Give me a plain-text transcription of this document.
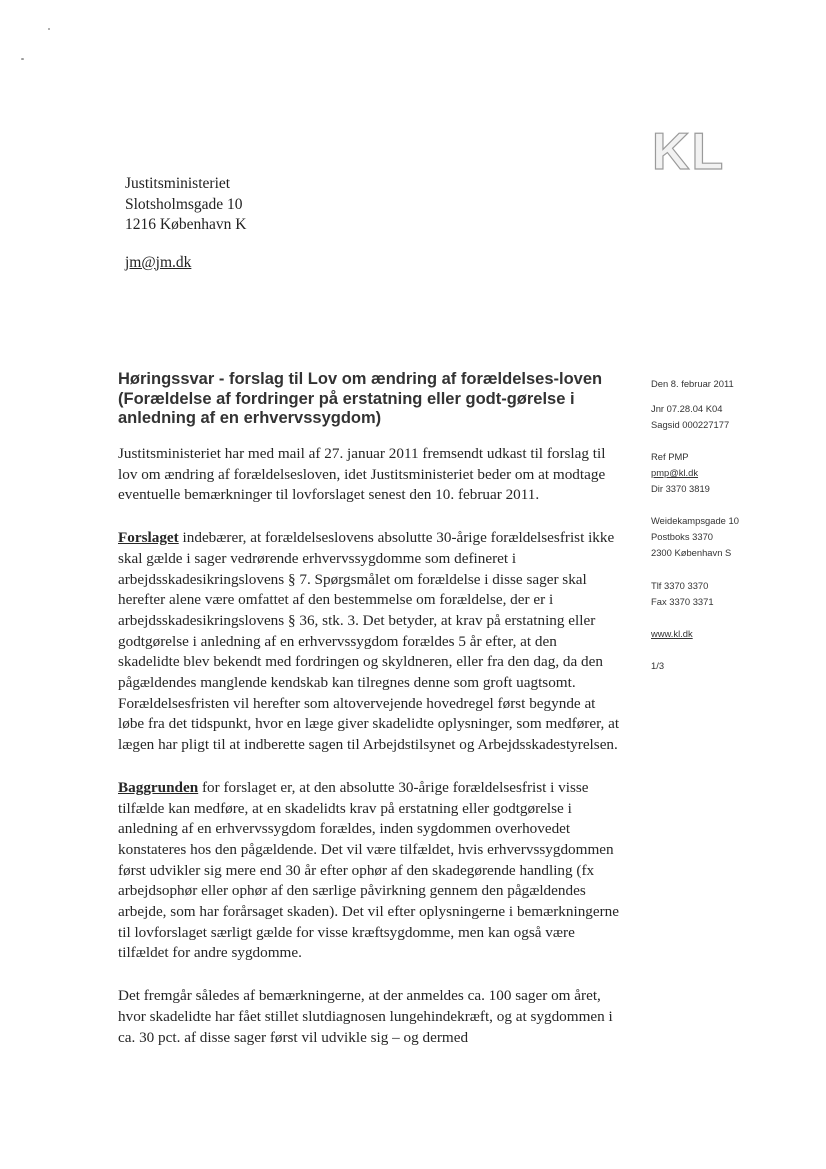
KL
Justitsministeriet
Slotsholmsgade 10
1216 København K
jm@jm.dk
Høringssvar - forslag til Lov om ændring af forældelses-loven (Forældelse af fordringer på erstatning eller godt-gørelse i anledning af en erhvervssygdom)
Den 8. februar 2011
Jnr 07.28.04 K04
Sagsid 000227177
Ref PMP
pmp@kl.dk
Dir 3370 3819
Weidekampsgade 10
Postboks 3370
2300 København S
Tlf 3370 3370
Fax 3370 3371
www.kl.dk
1/3

Justitsministeriet har med mail af 27. januar 2011 fremsendt udkast til forslag til lov om ændring af forældelsesloven, idet Justitsministeriet beder om at modtage eventuelle bemærkninger til lovforslaget senest den 10. februar 2011.

Forslaget indebærer, at forældelseslovens absolutte 30-årige forældelsesfrist ikke skal gælde i sager vedrørende erhvervssygdomme som defineret i arbejdsskadesikringslovens § 7. Spørgsmålet om forældelse i disse sager skal herefter alene være omfattet af den bestemmelse om forældelse, der er i arbejdsskadesikringslovens § 36, stk. 3. Det betyder, at krav på erstatning eller godtgørelse i anledning af en erhvervssygdom forældes 5 år efter, at den skadelidte blev bekendt med fordringen og skyldneren, eller fra den dag, da den pågældendes manglende kendskab kan tilregnes denne som groft uagtsomt. Forældelsesfristen vil herefter som altovervejende hovedregel først begynde at løbe fra det tidspunkt, hvor en læge giver skadelidte oplysninger, som medfører, at lægen har pligt til at indberette sagen til Arbejdstilsynet og Arbejdsskadestyrelsen.

Baggrunden for forslaget er, at den absolutte 30-årige forældelsesfrist i visse tilfælde kan medføre, at en skadelidts krav på erstatning eller godtgørelse i anledning af en erhvervssygdom forældes, inden sygdommen overhovedet konstateres hos den pågældende. Det vil være tilfældet, hvis erhvervssygdommen først udvikler sig mere end 30 år efter ophør af den skadegørende handling (fx arbejdsophør eller ophør af den særlige påvirkning gennem den pågældendes arbejde, som har forårsaget skaden). Det vil efter oplysningerne i bemærkningerne til lovforslaget særligt gælde for visse kræftsygdomme, men kan også være tilfældet for andre sygdomme.

Det fremgår således af bemærkningerne, at der anmeldes ca. 100 sager om året, hvor skadelidte har fået stillet slutdiagnosen lungehindekræft, og at sygdommen i ca. 30 pct. af disse sager først vil udvikle sig – og dermed
